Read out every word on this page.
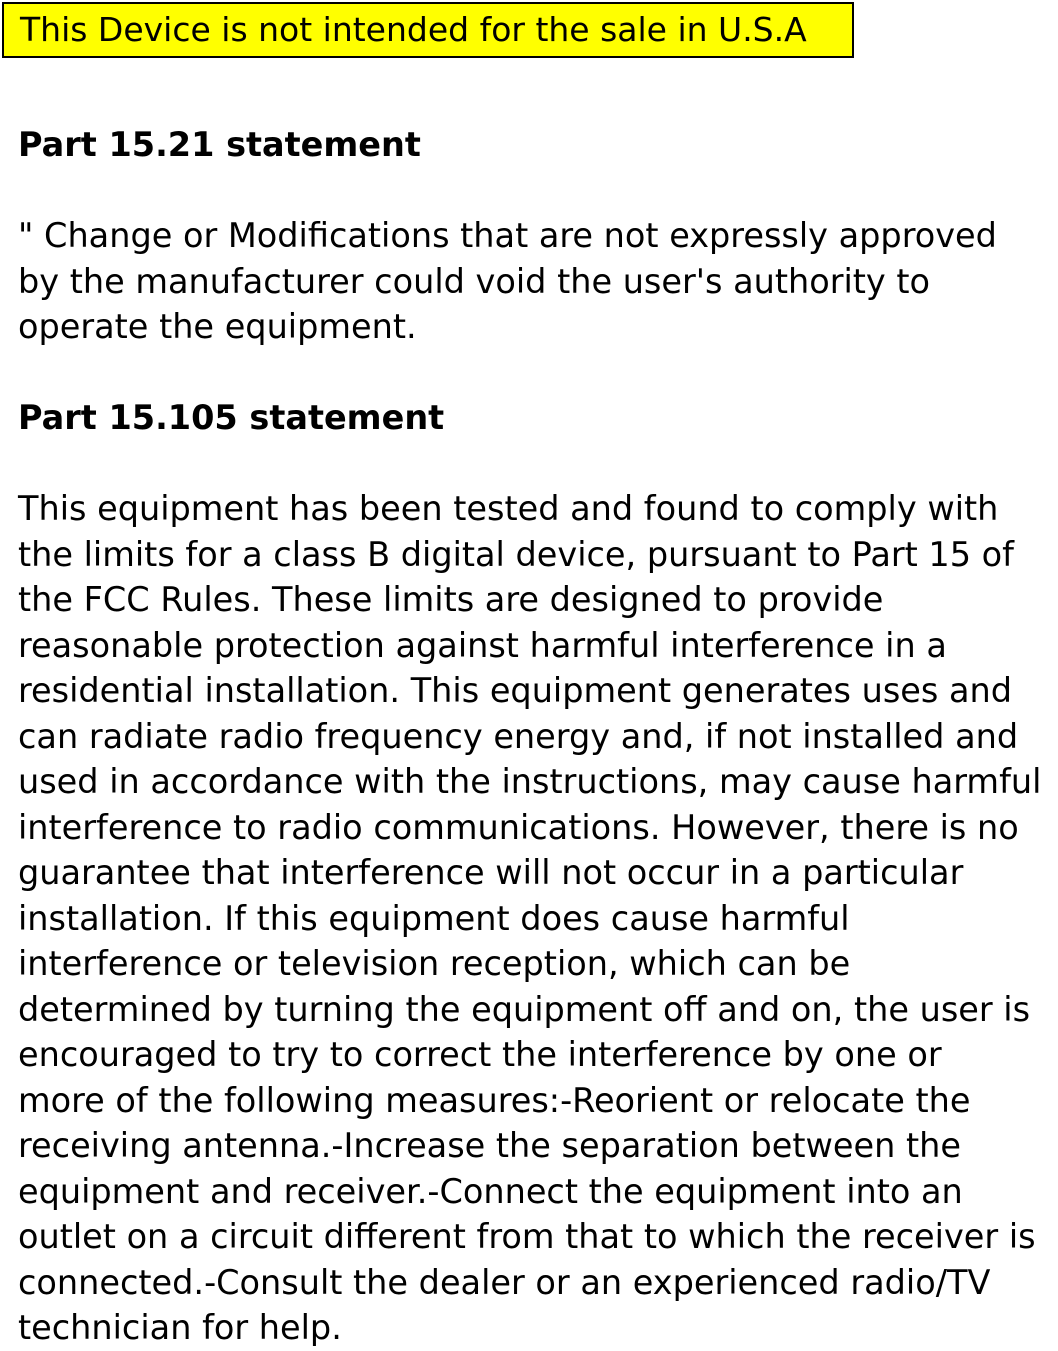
This Device is not intended for the sale in U.S.A

Part 15.21 statement

" Change or Modifications that are not expressly approved
by the manufacturer could void the user's authority to
operate the equipment.

Part 15.105 statement

This equipment has been tested and found to comply with
the limits for a class B digital device, pursuant to Part 15 of
the FCC Rules. These limits are designed to provide
reasonable protection against harmful interference in a
residential installation. This equipment generates uses and
can radiate radio frequency energy and, if not installed and
used in accordance with the instructions, may cause harmful
interference to radio communications. However, there is no
guarantee that interference will not occur in a particular
installation. If this equipment does cause harmful
interference or television reception, which can be
determined by turning the equipment off and on, the user is
encouraged to try to correct the interference by one or
more of the following measures:-Reorient or relocate the
receiving antenna.-Increase the separation between the
equipment and receiver.-Connect the equipment into an
outlet on a circuit different from that to which the receiver is
connected.-Consult the dealer or an experienced radio/TV
technician for help.
